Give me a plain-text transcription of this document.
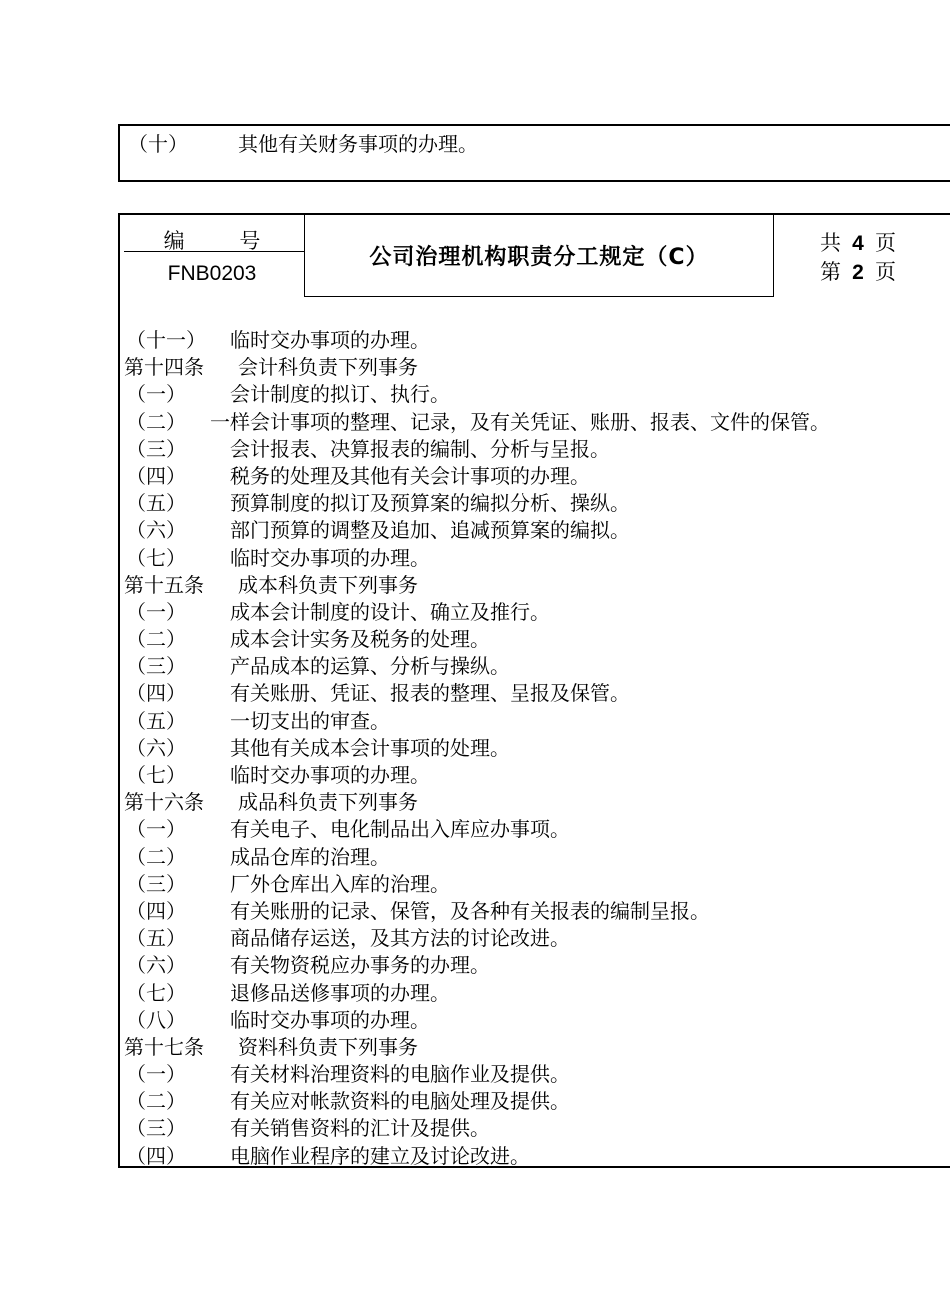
（十）	其他有关财务事项的办理。
编 号
FNB0203
公司治理机构职责分工规定（C）
共 4 页
第 2 页
（十一） 临时交办事项的办理。
第十四条 会计科负责下列事务
（一） 会计制度的拟订、执行。
（二） 一样会计事项的整理、记录，及有关凭证、账册、报表、文件的保管。
（三） 会计报表、决算报表的编制、分析与呈报。
（四） 税务的处理及其他有关会计事项的办理。
（五） 预算制度的拟订及预算案的编拟分析、操纵。
（六） 部门预算的调整及追加、追减预算案的编拟。
（七） 临时交办事项的办理。
第十五条 成本科负责下列事务
（一） 成本会计制度的设计、确立及推行。
（二） 成本会计实务及税务的处理。
（三） 产品成本的运算、分析与操纵。
（四） 有关账册、凭证、报表的整理、呈报及保管。
（五） 一切支出的审查。
（六） 其他有关成本会计事项的处理。
（七） 临时交办事项的办理。
第十六条 成品科负责下列事务
（一） 有关电子、电化制品出入库应办事项。
（二） 成品仓库的治理。
（三） 厂外仓库出入库的治理。
（四） 有关账册的记录、保管，及各种有关报表的编制呈报。
（五） 商品储存运送，及其方法的讨论改进。
（六） 有关物资税应办事务的办理。
（七） 退修品送修事项的办理。
（八） 临时交办事项的办理。
第十七条 资料科负责下列事务
（一） 有关材料治理资料的电脑作业及提供。
（二） 有关应对帐款资料的电脑处理及提供。
（三） 有关销售资料的汇计及提供。
（四） 电脑作业程序的建立及讨论改进。
